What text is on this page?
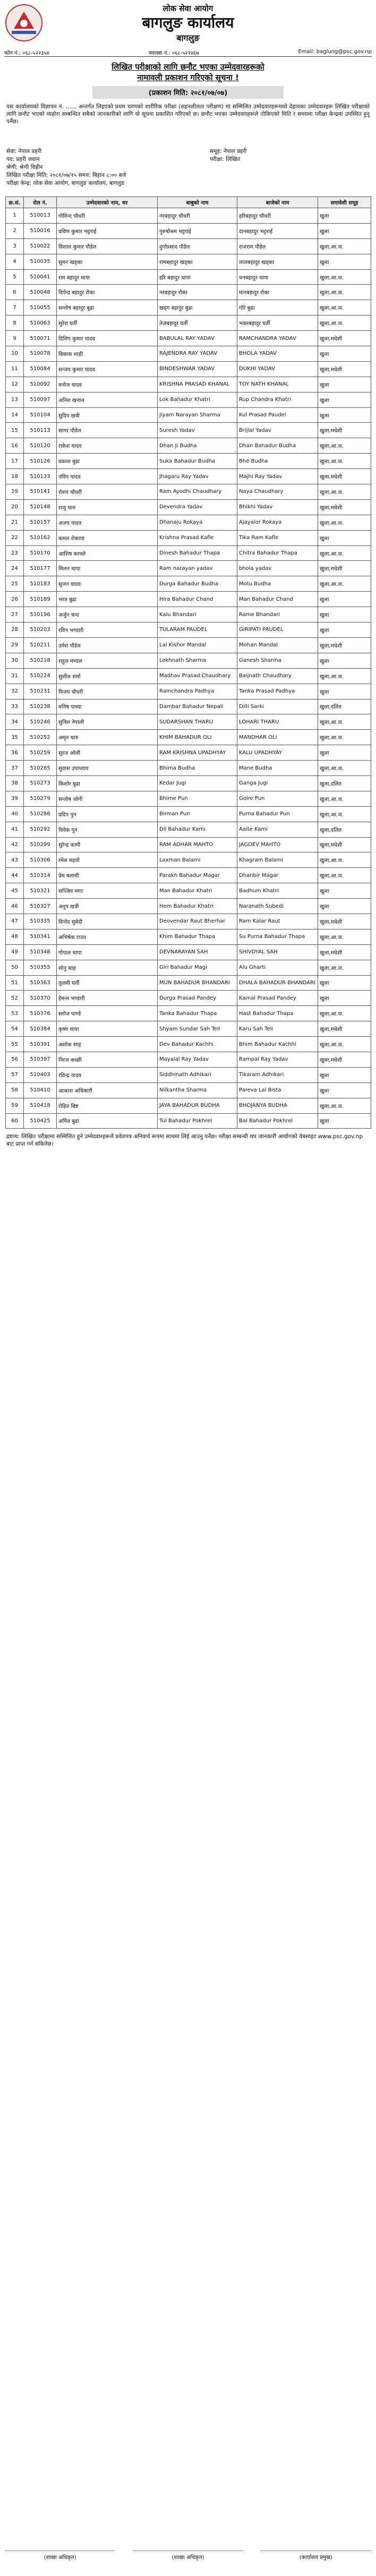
लोक सेवा आयोग
बागलुङ कार्यालय
बागलुङ
फोन नं.: ०६८-५२२३५४	फ्याक्स नं.: ०६८-५२२४६७	Email: baglung@psc.gov.np
लिखित परीक्षाको लागि छनौट भएका उम्मेदवारहरूको
नामावली प्रकाशन गरिएको सूचना !
(प्रकाशन मिति: २०८१/०७/०७)
यस कार्यालयको विज्ञापन नं. ...... अन्तर्गत लिइएको प्रथम चरणको शारीरिक परीक्षा (सहनशीलता परीक्षण) मा सम्मिलित उम्मेदवारहरूमध्ये देहायका उम्मेदवारहरू लिखित परीक्षाको लागि छनौट भएको व्यहोरा सम्बन्धित सबैको जानकारीको लागि यो सूचना प्रकाशित गरिएको छ। छनौट भएका उम्मेदवारहरूले तोकिएको मिति र समयमा परीक्षा केन्द्रमा उपस्थित हुनु पर्नेछ।
सेवा: नेपाल प्रहरी	समूह: नेपाल प्रहरी
पद: प्रहरी जवान	परीक्षा: लिखित
श्रेणी: श्रेणी विहीन
लिखित परीक्षा मिति: २०८१/०७/१५ समय: बिहान ८:०० बजे
परीक्षा केन्द्र: लोक सेवा आयोग, बागलुङ कार्यालय, बागलुङ
क्र.सं.	रोल नं.	उम्मेदवारको नाम, थर	बाबुको नाम	बाजेको नाम	समावेशी समूह
1	510013	गोविन्द चौधरी	नरबहादुर चौधरी	हरिबहादुर चौधरी	खुला
2	510016	प्रविण कुमार भट्टराई	पुरुषोत्तम भट्टराई	दानबहादुर भट्टराई	खुला
3	510022	विशाल कुमार पौडेल	दुर्गाप्रसाद पौडेल	राजराम पौडेल	खुला,आ.ज.
4	510035	सुमन खड्का	रामबहादुर खड्का	लालबहादुर खड्का	खुला
5	510041	राम बहादुर थापा	हरि बहादुर थापा	धनबहादुर थापा	खुला,आ.ज.
6	510048	दिपेन्द्र बहादुर रोका	नरबहादुर रोका	मानबहादुर रोका	खुला,आ.ज.
7	510055	सन्तोष बहादुर बुढा	खड्ग बहादुर बुढा	गोरे बुढा	खुला,आ.ज.
8	510063	सुरेश घर्ती	तेजबहादुर घर्ती	भक्तबहादुर घर्ती	खुला,आ.ज.
9	510071	दिलिप कुमार यादव	BABULAL RAY YADAV	RAMCHANDRA YADAV	खुला,मधेशी
10	510078	बिकास शाही	RAJENDRA RAY YADAV	BHOLA YADAV	खुला
11	510084	सन्जय कुमार यादव	BINDESHWAR YADAV	DUKHI YADAV	खुला,मधेशी
12	510092	मनोज यादव	KRISHNA PRASAD KHANAL	TOY NATH KHANAL	खुला
13	510097	अनिल खनाल	Lok Bahadur Khatri	Rup Chandra Khatri	खुला
14	510104	सुदिप खत्री	Jiyam Narayan Sharma	Kul Prasad Paudel	खुला
15	510113	सागर पौडेल	Suresh Yadav	Brijlal Yadav	खुला,मधेशी
16	510120	राकेश यादव	Dhan Ji Budha	Dhan Bahadur Budha	खुला,आ.ज.
17	510126	प्रकाश बुढा	Suka Bahadur Budha	Bhe Budha	खुला,आ.ज.
18	510133	नविन यादव	Jhagaru Ray Yadav	Majhi Ray Yadav	खुला,मधेशी
19	510141	रोशन चौधरी	Ram Ayodhi Chaudhary	Naya Chaudhary	खुला,आ.ज.
20	510148	राजु थारु	Devendra Yadav	Bhikhi Yadav	खुला,मधेशी
21	510157	अजय यादव	Dhanaju Rokaya	Ajayalor Rokaya	खुला,आ.ज.
22	510162	कमल रोकाया	Krishna Prasad Kafle	Tika Ram Kafle	खुला
23	510170	आशिष काफ्ले	Dinesh Bahadur Thapa	Chitra Bahadur Thapa	खुला,आ.ज.
24	510177	मिलन थापा	Ram narayan yadav	bhola yadav	खुला,मधेशी
25	510183	सुजन यादव	Durga Bahadur Budha	Motu Budha	खुला,आ.ज.
26	510189	भरत बुढा	Hira Bahadur Chand	Man Bahadur Chand	खुला
27	510196	अर्जुन चन्द	Kalu Bhandari	Rame Bhandari	खुला
28	510203	रविन भण्डारी	TULARAM PAUDEL	GIRIPATI PAUDEL	खुला
29	510211	उमेश पौडेल	Lal Kishor Mandal	Mohan Mandal	खुला,मधेशी
30	510218	राहुल मण्डल	Lekhnath Sharma	Ganesh Sharma	खुला
31	510224	सुशील शर्मा	Madhav Prasad Chaudhary	Baijnath Chaudhary	खुला,आ.ज.
32	510231	विजय चौधरी	Ramchandra Padhya	Tanka Prasad Padhya	खुला
33	510238	मनिष पाध्या	Dambar Bahadur Nepali	Dilli Sarki	खुला,दलित
34	510246	सुनिल नेपाली	SUDARSHAN THARU	LOHARI THARU	खुला,आ.ज.
35	510252	अमृत थारु	KHIM BAHADUR OLI	MANDHAR OLI	खुला,आ.ज.
36	510259	सुरज ओली	RAM KRISHNA UPADHYAY	KALU UPADHYAY	खुला
37	510265	सुवास उपाध्याय	Bhima Budha	Mane Budha	खुला,आ.ज.
38	510273	किशोर बुढा	Kedar Jugi	Ganga Jugi	खुला,दलित
39	510279	सन्तोष जोगी	Bhime Pun	Golre Pun	खुला,आ.ज.
40	510286	प्रदिप पुन	Birman Pun	Purna Bahadur Pun	खुला,आ.ज.
41	510292	विवेक पुन	Dil Bahadur Kami	Aaite Kami	खुला,दलित
42	510299	सुरेन्द्र कामी	RAM ADHAR MAHTO	JAGDEV MAHTO	खुला,मधेशी
43	510306	रमेश महतो	Laxman Balami	Khagram Balami	खुला,आ.ज.
44	510314	प्रेम बलामी	Parakh Bahadur Magar	Dhanbir Magar	खुला,आ.ज.
45	510321	सञ्जिव मगर	Man Bahadur Khatri	Badhum Khatri	खुला
46	510327	अनुप खत्री	Hem Bahadur Khatri	Naranath Subedi	खुला
47	510335	विनोद सुवेदी	Deovendar Raut Bherhar	Ram Kalar Raut	खुला,मधेशी
48	510341	अभिषेक राउत	Khim Bahadur Thapa	Su Purna Bahadur Thapa	खुला,आ.ज.
49	510348	गोपाल थापा	DEVNARAYAN SAH	SHIVDYAL SAH	खुला,मधेशी
50	510355	सोनु साह	Giri Bahadur Magi	Alu Gharti	खुला,आ.ज.
51	510363	तुलसी घर्ती	MUN BAHADUR BHANDARI	DHALA BAHADUR BHANDARI	खुला
52	510370	हेमन्त भण्डारी	Durga Prasad Pandey	Kamal Prasad Pandey	खुला
53	510376	सरोज पाण्डे	Tanka Bahadur Thapa	Hast Bahadur Thapa	खुला,आ.ज.
54	510384	कृष्ण थापा	Shyam Sundar Sah Teli	Karu Sah Teli	खुला,मधेशी
55	510391	अशोक साह	Dev Bahadur Kachhi	Bhim Bahadur Kachhi	खुला,आ.ज.
56	510397	निरज कच्छी	Mayalal Ray Yadav	Rampal Ray Yadav	खुला,मधेशी
57	510403	रविन्द्र यादव	Siddhinath Adhikari	Tikaram Adhikari	खुला
58	510410	आकाश अधिकारी	Nilkantha Sharma	Pareva Lal Bista	खुला
59	510418	रोहित बिष्ट	JAYA BAHADUR BUDHA	BHOJANYA BUDHA	खुला,आ.ज.
60	510425	अमित बुढा	Tul Bahadur Pokhrel	Bal Bahadur Pokhrel	खुला
द्रष्टव्य: लिखित परीक्षामा सम्मिलित हुने उम्मेदवारहरूले प्रवेशपत्र अनिवार्य रूपमा साथमा लिई आउनु पर्नेछ। परीक्षा सम्बन्धी थप जानकारी आयोगको वेबसाइट www.psc.gov.np बाट प्राप्त गर्न सकिनेछ।
(शाखा अधिकृत)	(शाखा अधिकृत)	(कार्यालय प्रमुख)
